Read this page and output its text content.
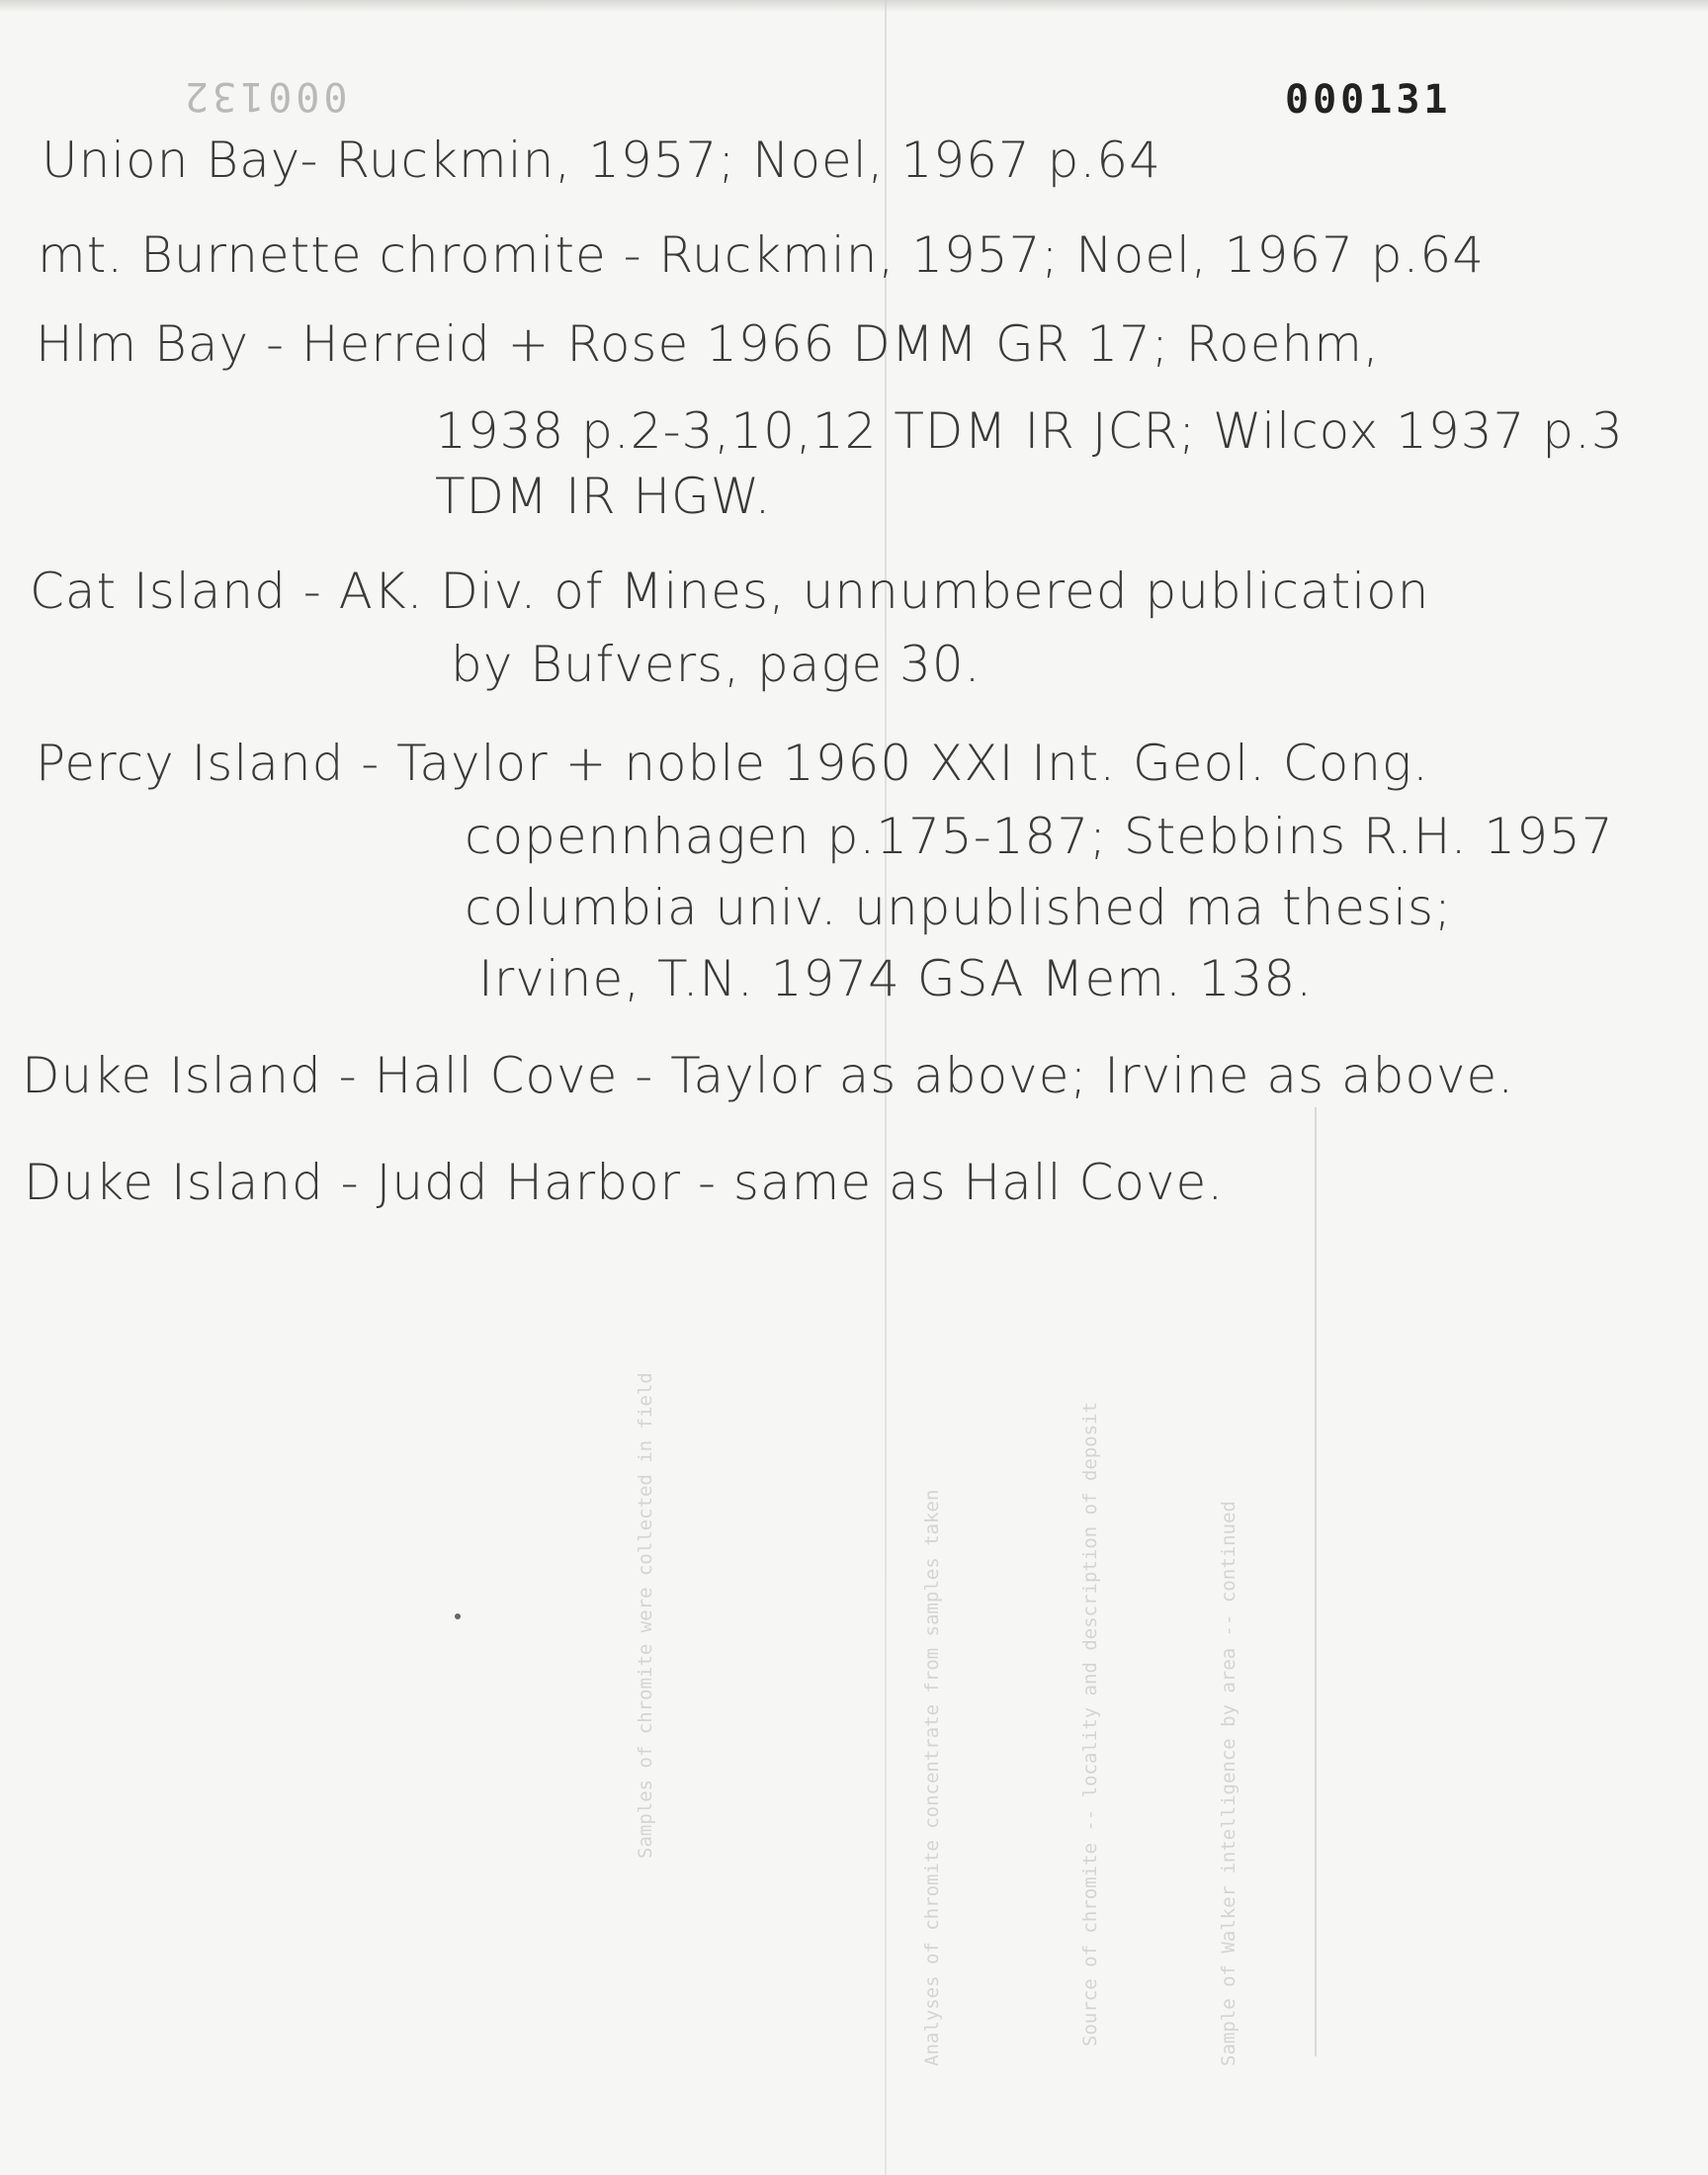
Sample of Walker intelligence by area -- continued
Source of chromite -- locality and description of deposit
Analyses of chromite concentrate from samples taken
Samples of chromite were collected in field
000132	000131
Union Bay- Ruckmin, 1957; Noel, 1967 p.64
mt. Burnette chromite - Ruckmin, 1957; Noel, 1967 p.64
Hlm Bay - Herreid + Rose 1966 DMM GR 17; Roehm,
1938 p.2-3,10,12 TDM IR JCR; Wilcox 1937 p.3
TDM IR HGW.
Cat Island - AK. Div. of Mines, unnumbered publication
by Bufvers, page 30.
Percy Island - Taylor + noble 1960 XXI Int. Geol. Cong.
copennhagen p.175-187; Stebbins R.H. 1957
columbia univ. unpublished ma thesis;
Irvine, T.N. 1974 GSA Mem. 138.
Duke Island - Hall Cove - Taylor as above; Irvine as above.
Duke Island - Judd Harbor - same as Hall Cove.
